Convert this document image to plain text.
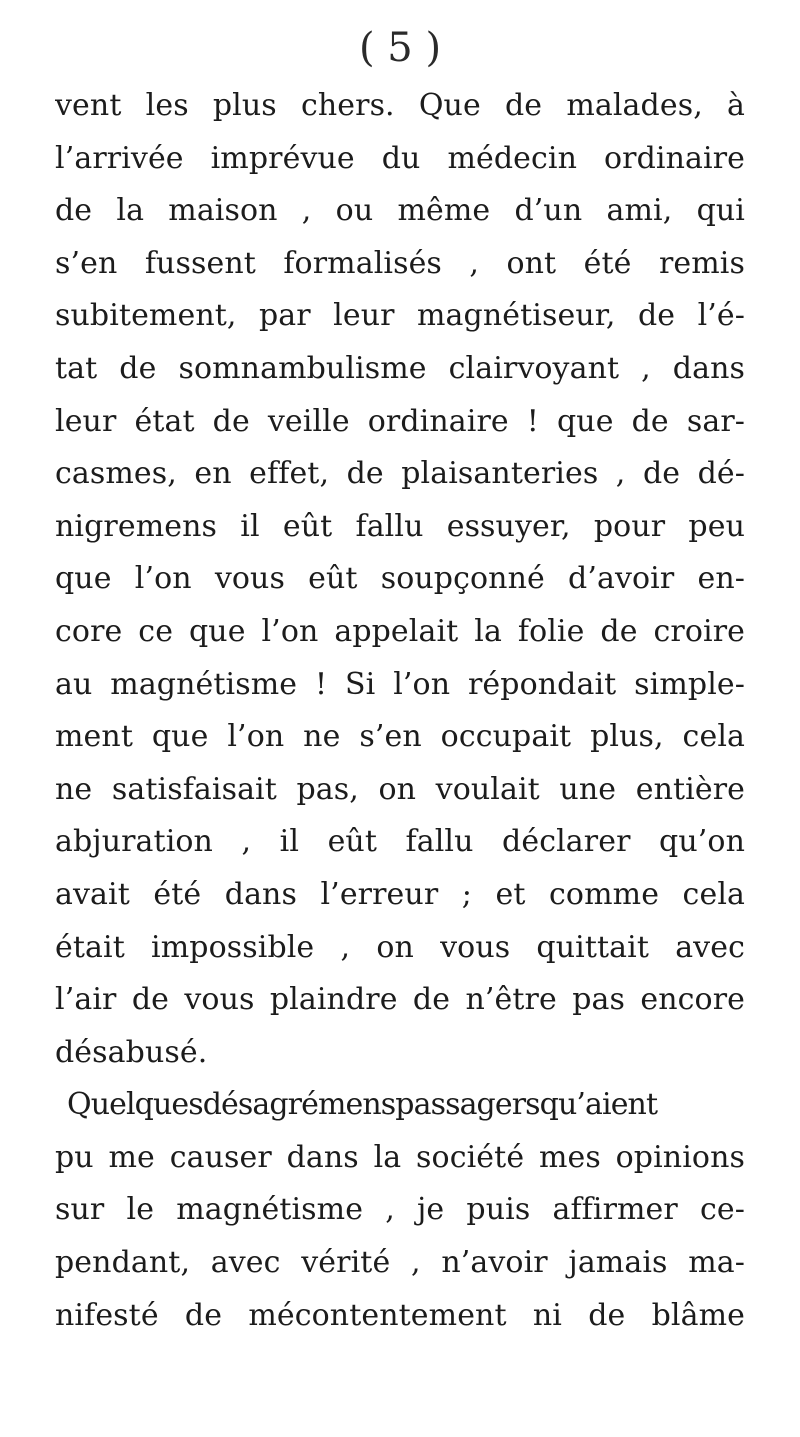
( 5 )
vent les plus chers. Que de malades, à
l’arrivée imprévue du médecin ordinaire
de la maison , ou même d’un ami, qui
s’en fussent formalisés , ont été remis
subitement, par leur magnétiseur, de l’é-
tat de somnambulisme clairvoyant , dans
leur état de veille ordinaire ! que de sar-
casmes, en effet, de plaisanteries , de dé-
nigremens il eût fallu essuyer, pour peu
que l’on vous eût soupçonné d’avoir en-
core ce que l’on appelait la folie de croire
au magnétisme ! Si l’on répondait simple-
ment que l’on ne s’en occupait plus, cela
ne satisfaisait pas, on voulait une entière
abjuration , il eût fallu déclarer qu’on
avait été dans l’erreur ; et comme cela
était impossible , on vous quittait avec
l’air de vous plaindre de n’être pas encore
désabusé.
Quelquesdésagrémenspassagersqu’aient
pu me causer dans la société mes opinions
sur le magnétisme , je puis affirmer ce-
pendant, avec vérité , n’avoir jamais ma-
nifesté de mécontentement ni de blâme
